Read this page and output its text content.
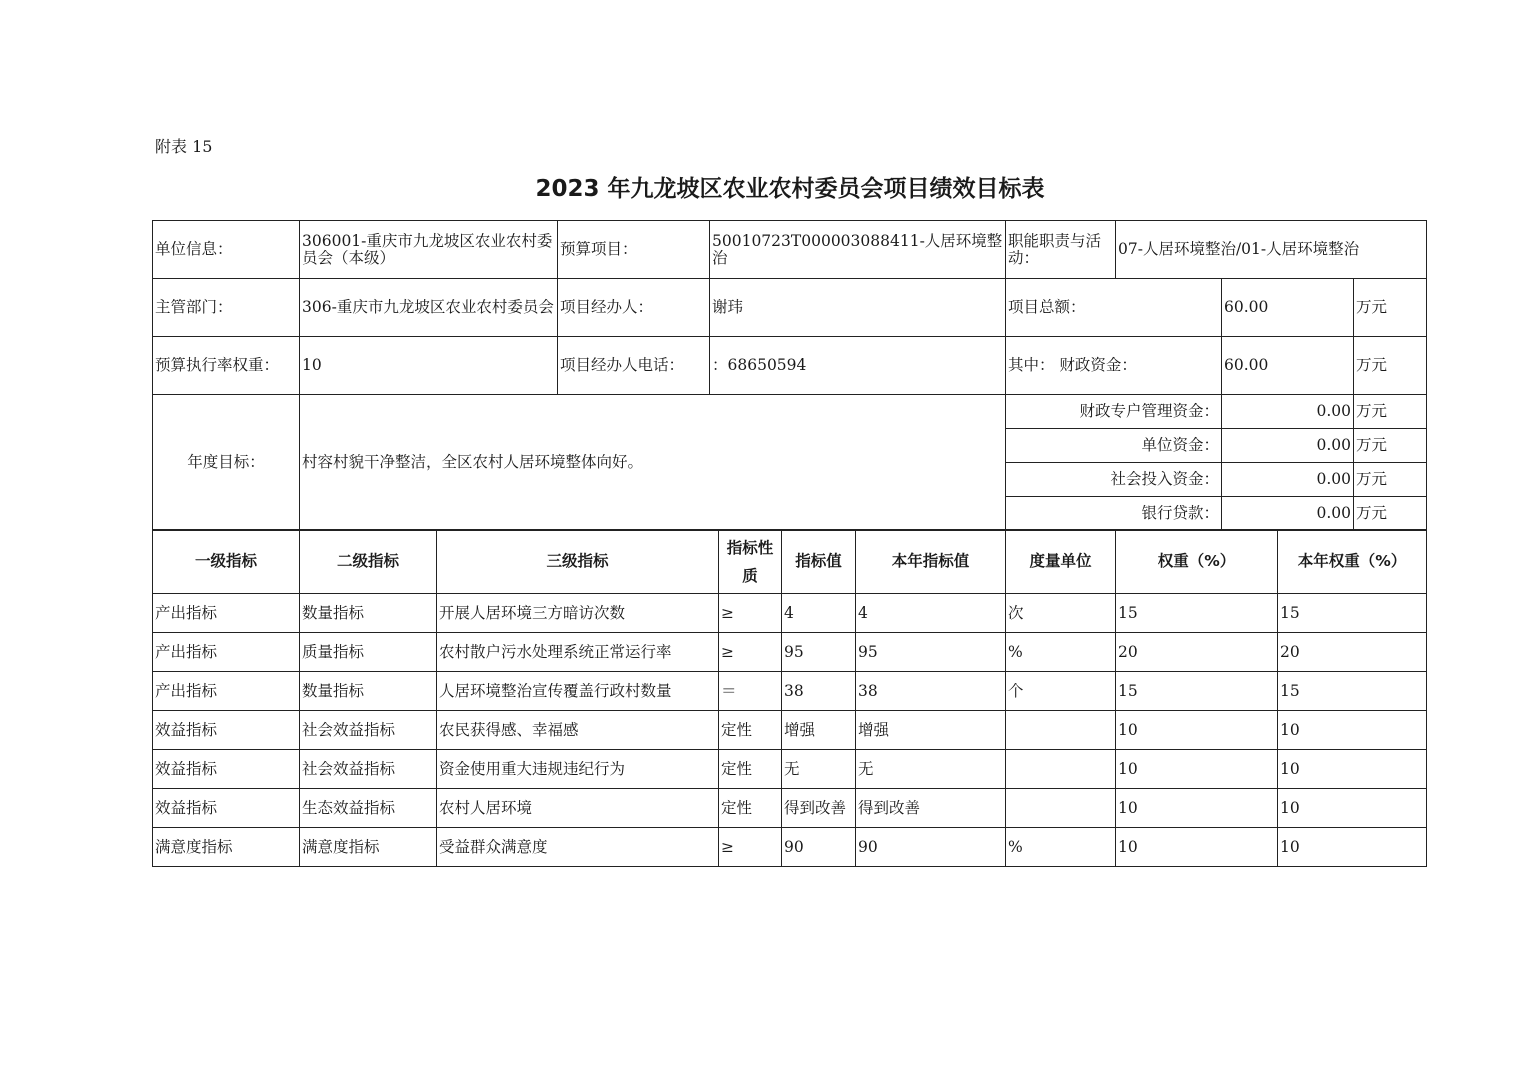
附表 15
2023 年九龙坡区农业农村委员会项目绩效目标表
单位信息：	306001-重庆市九龙坡区农业农村委员会（本级）	预算项目：	50010723T000003088411-人居环境整治	职能职责与活动：	07-人居环境整治/01-人居环境整治		
主管部门：	306-重庆市九龙坡区农业农村委员会	项目经办人：	谢玮	项目总额：		60.00	万元
预算执行率权重：	10	项目经办人电话：	：68650594	其中： 财政资金：		60.00	万元
年度目标：	村容村貌干净整洁，全区农村人居环境整体向好。			财政专户管理资金：		0.00	万元
				单位资金：		0.00	万元
				社会投入资金：		0.00	万元
				银行贷款：		0.00	万元
一级指标	二级指标	三级指标	指标性质	指标值	本年指标值	度量单位	权重（%）	本年权重（%）
产出指标	数量指标	开展人居环境三方暗访次数	≥	4	4	次	15	15
产出指标	质量指标	农村散户污水处理系统正常运行率	≥	95	95	%	20	20
产出指标	数量指标	人居环境整治宣传覆盖行政村数量	＝	38	38	个	15	15
效益指标	社会效益指标	农民获得感、幸福感	定性	增强	增强		10	10
效益指标	社会效益指标	资金使用重大违规违纪行为	定性	无	无		10	10
效益指标	生态效益指标	农村人居环境	定性	得到改善	得到改善		10	10
满意度指标	满意度指标	受益群众满意度	≥	90	90	%	10	10
